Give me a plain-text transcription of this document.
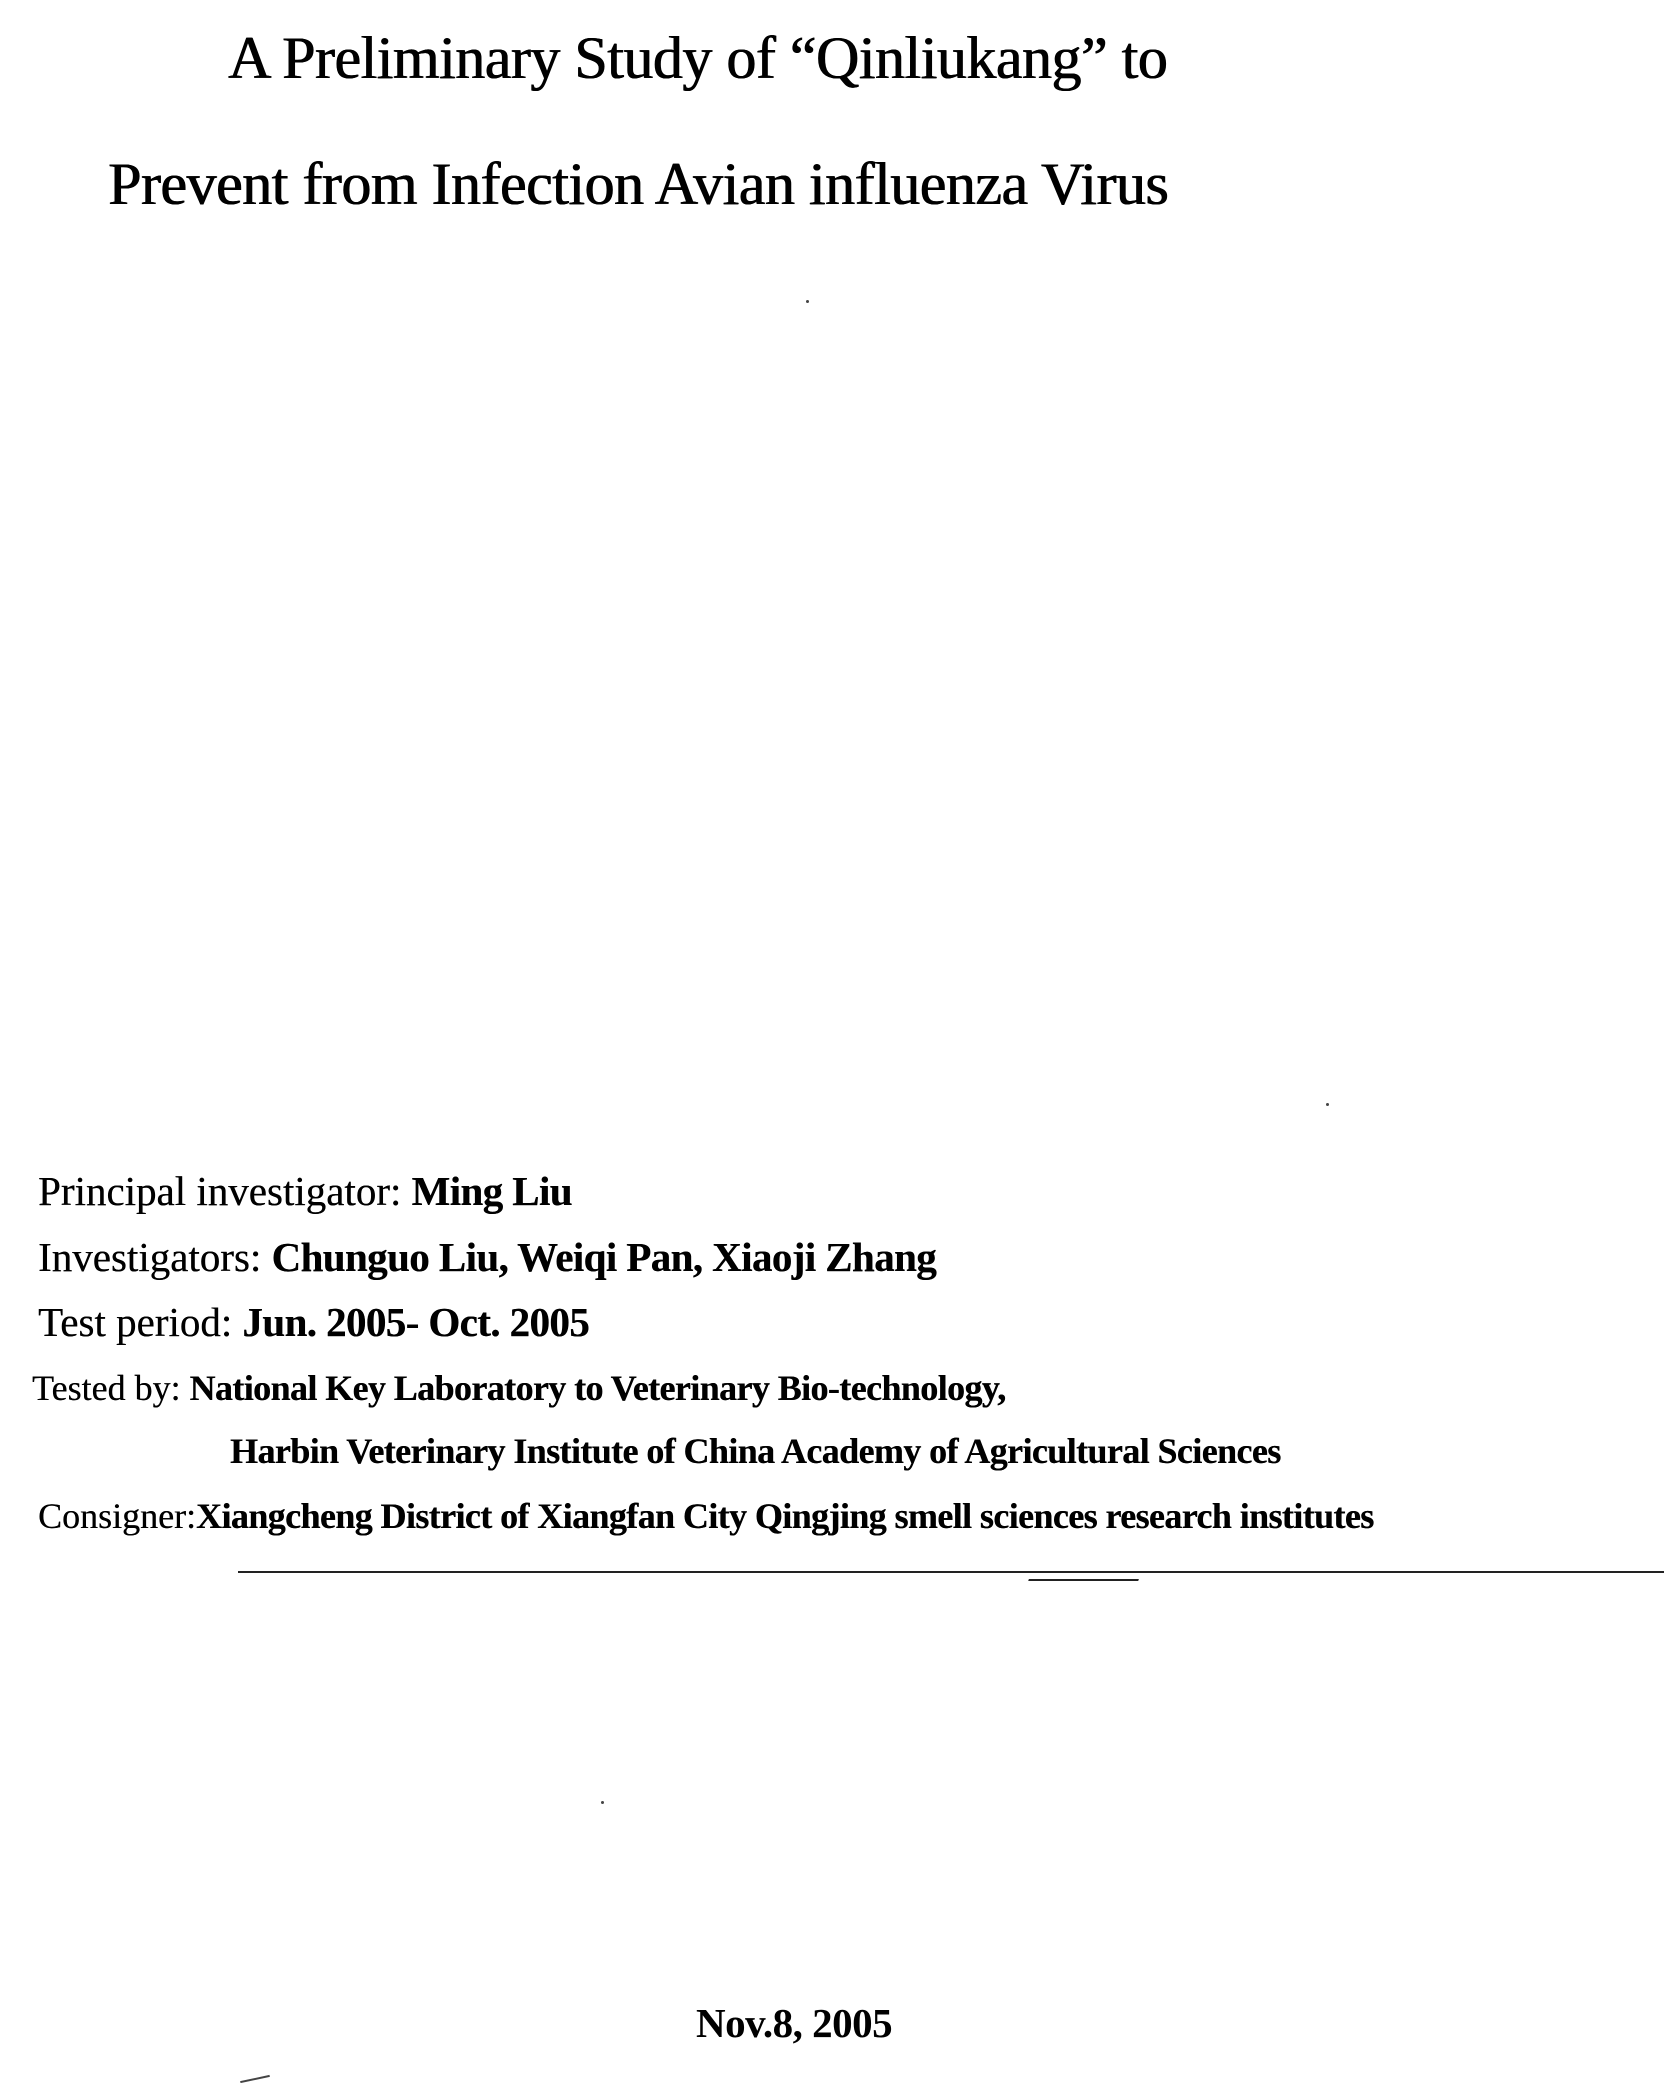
A Preliminary Study of “Qinliukang” to
Prevent from Infection Avian influenza Virus

Principal investigator: Ming Liu

Investigators: Chunguo Liu, Weiqi Pan, Xiaoji Zhang

Test period: Jun. 2005- Oct. 2005

Tested by: National Key Laboratory to Veterinary Bio-technology,

Harbin Veterinary Institute of China Academy of Agricultural Sciences

Consigner:Xiangcheng District of Xiangfan City Qingjing smell sciences research institutes

Nov.8, 2005
